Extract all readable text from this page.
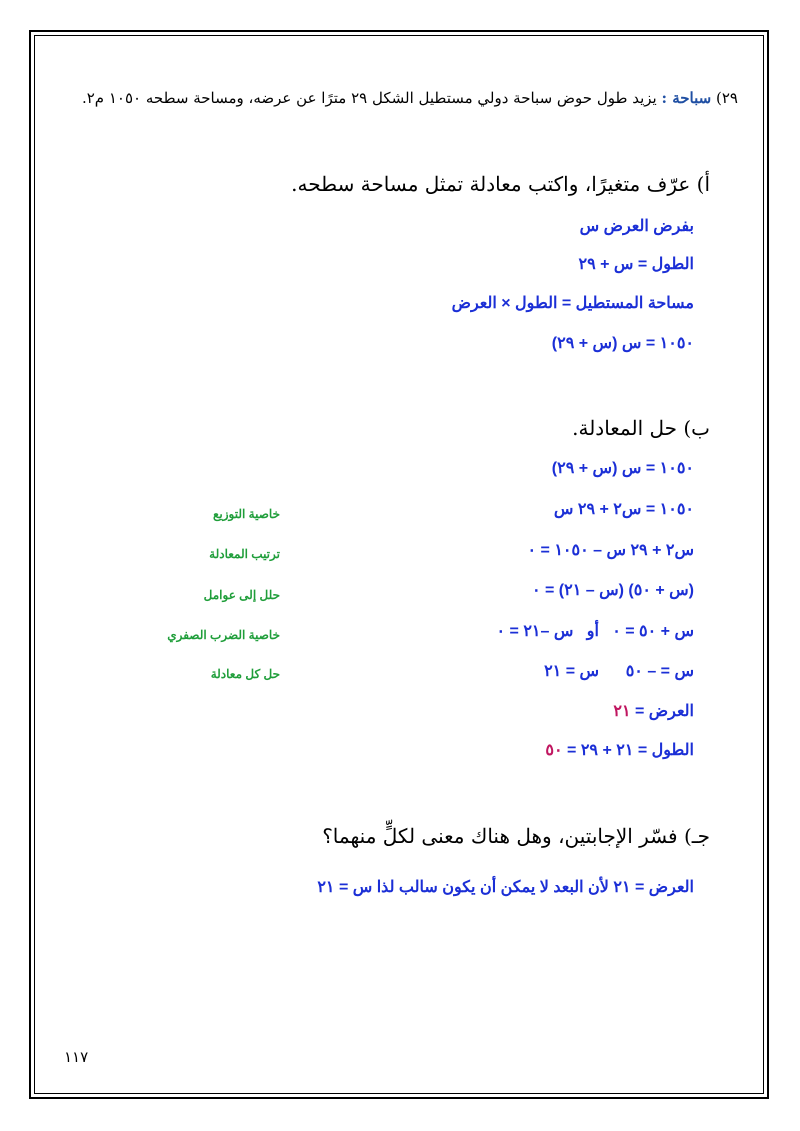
٢٩) سباحة : يزيد طول حوض سباحة دولي مستطيل الشكل ٢٩ مترًا عن عرضه، ومساحة سطحه ١٠٥٠ م٢.
أ) عرّف متغيرًا، واكتب معادلة تمثل مساحة سطحه.
بفرض العرض س
الطول = س + ٢٩
مساحة المستطيل = الطول × العرض
١٠٥٠ = س (س + ٢٩)
ب) حل المعادلة.
١٠٥٠ = س (س + ٢٩)
١٠٥٠ = س٢ + ٢٩ س
خاصية التوزيع
س٢ + ٢٩ س – ١٠٥٠ = ٠
ترتيب المعادلة
(س + ٥٠) (س – ٢١) = ٠
حلل إلى عوامل
س + ٥٠ = ٠   أو   س –٢١ = ٠
خاصية الضرب الصفري
س = – ٥٠      س = ٢١
حل كل معادلة
العرض = ٢١
الطول = ٢١ + ٢٩ = ٥٠
جـ) فسّر الإجابتين، وهل هناك معنى لكلٍّ منهما؟
العرض = ٢١ لأن البعد لا يمكن أن يكون سالب لذا س = ٢١
١١٧
